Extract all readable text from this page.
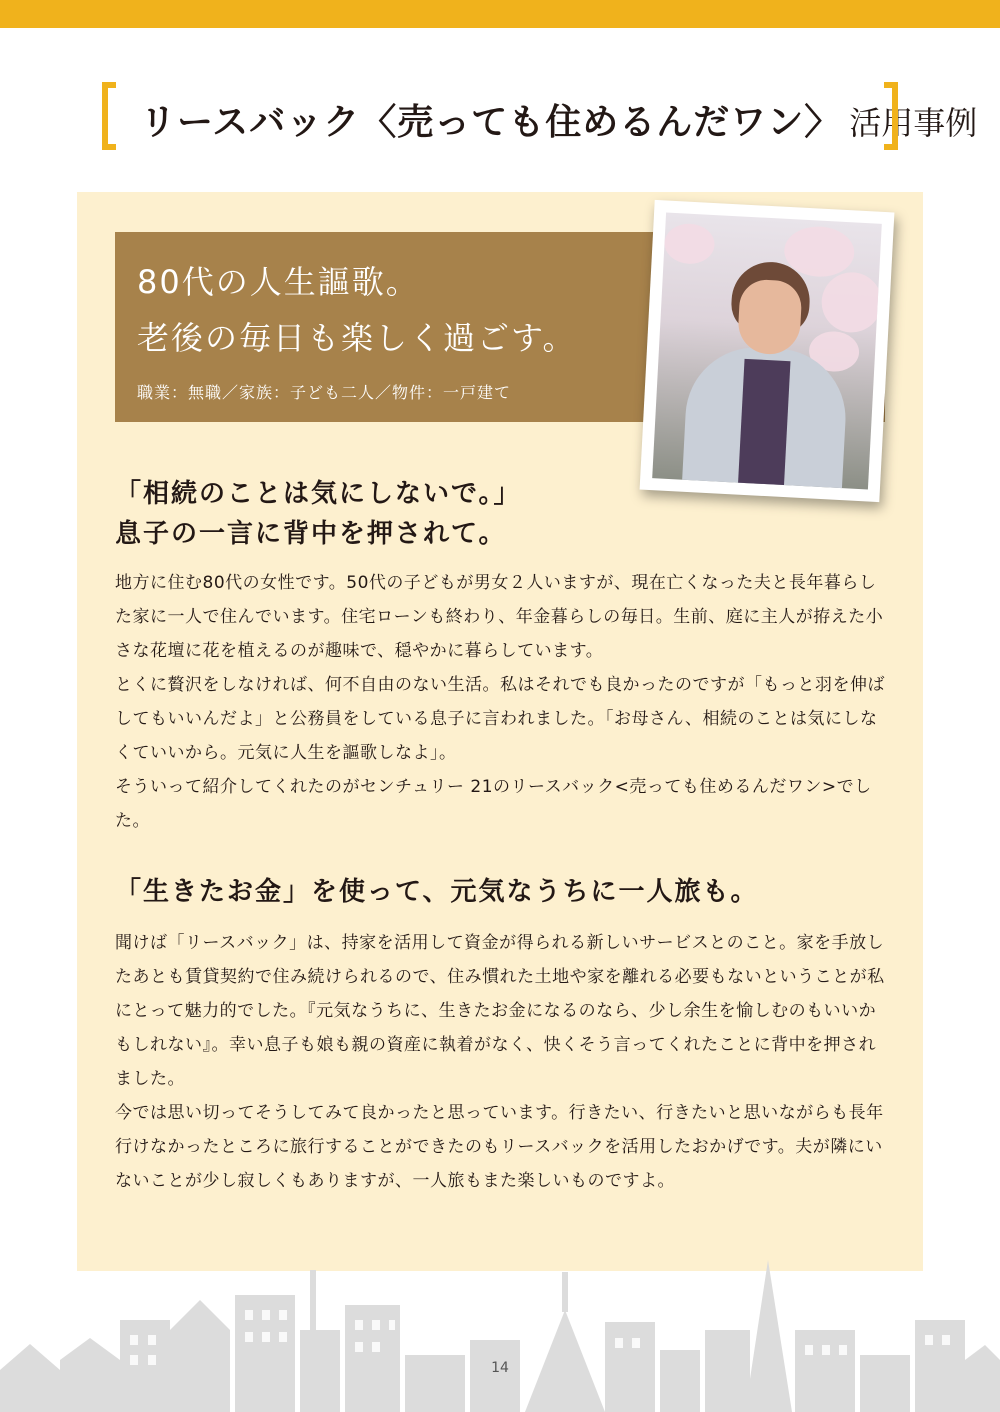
リースバック〈売っても住めるんだワン〉 活用事例
80代の人生謳歌。
老後の毎日も楽しく過ごす。
職業：無職／家族：子ども二人／物件：一戸建て
「相続のことは気にしないで。」
息子の一言に背中を押されて。

地方に住む80代の女性です。50代の子どもが男女２人いますが、現在亡くなった夫と長年暮らした家に一人で住んでいます。住宅ローンも終わり、年金暮らしの毎日。生前、庭に主人が拵えた小さな花壇に花を植えるのが趣味で、穏やかに暮らしています。

とくに贅沢をしなければ、何不自由のない生活。私はそれでも良かったのですが「もっと羽を伸ばしてもいいんだよ」と公務員をしている息子に言われました。「お母さん、相続のことは気にしなくていいから。元気に人生を謳歌しなよ」。

そういって紹介してくれたのがセンチュリー 21のリースバック<売っても住めるんだワン>でした。

「生きたお金」を使って、元気なうちに一人旅も。

聞けば「リースバック」は、持家を活用して資金が得られる新しいサービスとのこと。家を手放したあとも賃貸契約で住み続けられるので、住み慣れた土地や家を離れる必要もないということが私にとって魅力的でした。『元気なうちに、生きたお金になるのなら、少し余生を愉しむのもいいかもしれない』。幸い息子も娘も親の資産に執着がなく、快くそう言ってくれたことに背中を押されました。

今では思い切ってそうしてみて良かったと思っています。行きたい、行きたいと思いながらも長年行けなかったところに旅行することができたのもリースバックを活用したおかげです。夫が隣にいないことが少し寂しくもありますが、一人旅もまた楽しいものですよ。

14
